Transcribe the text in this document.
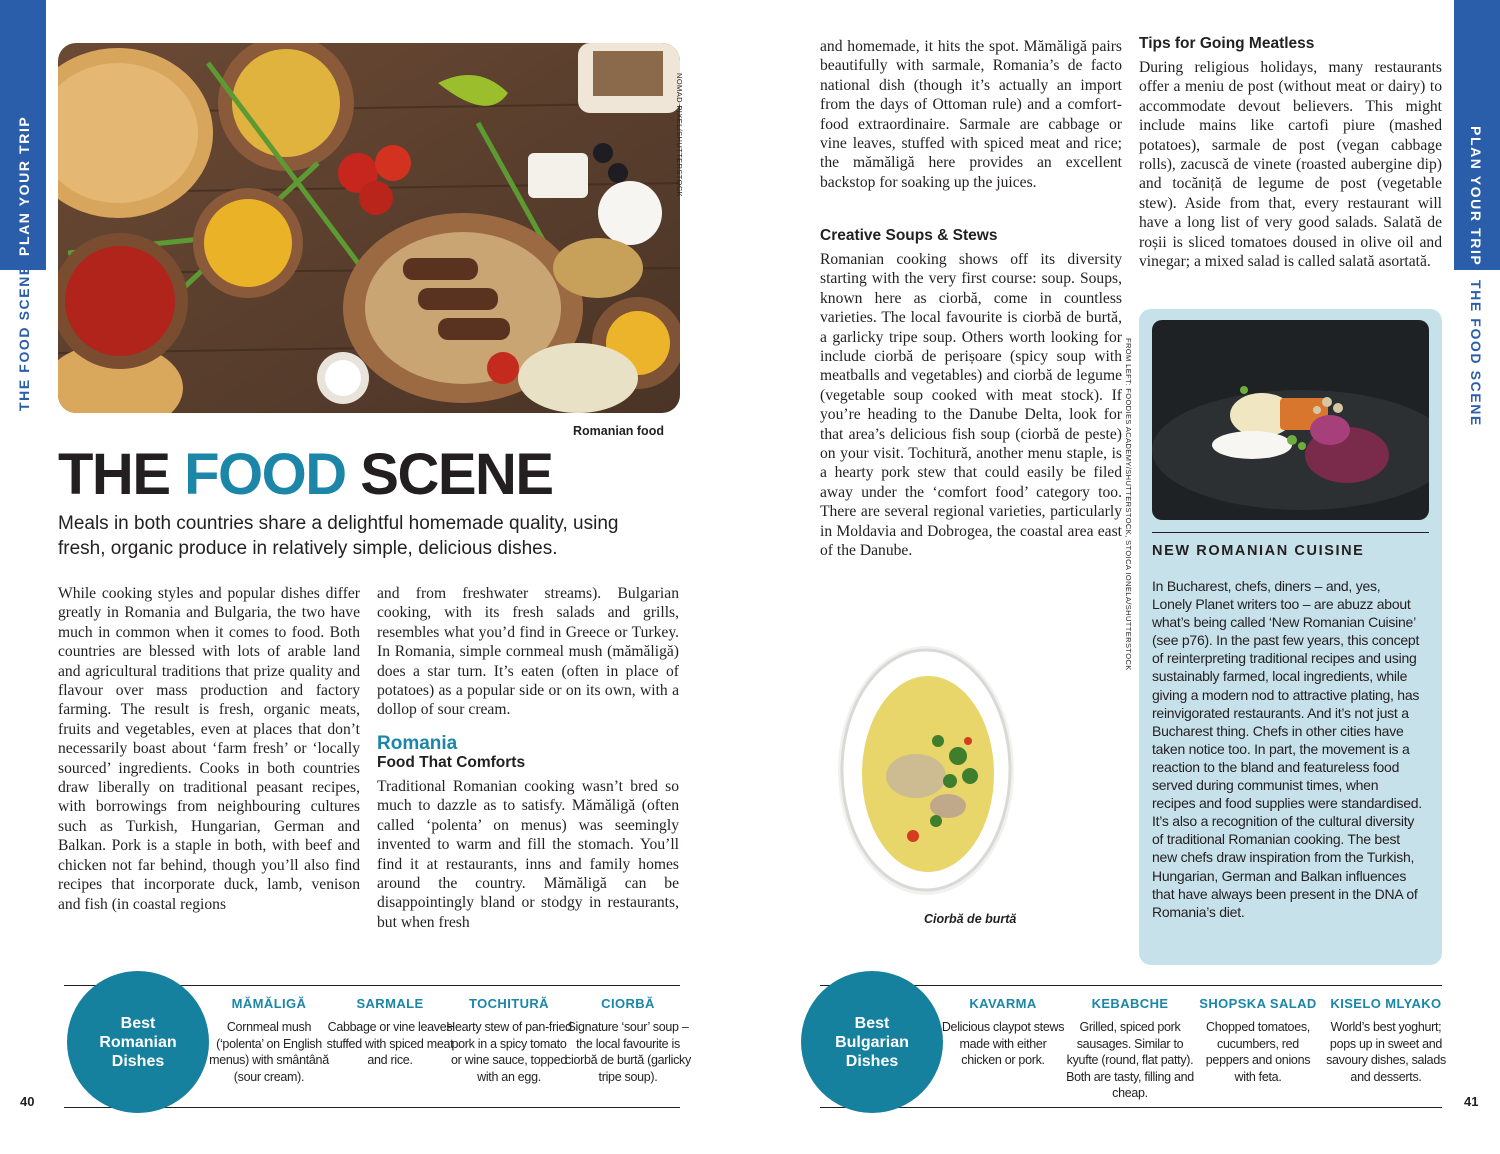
PLAN YOUR TRIP
THE FOOD SCENE
NOMAD PIXEL/SHUTTERSTOCK
Romanian food
THE FOOD SCENE
Meals in both countries share a delightful homemade quality, using fresh, organic produce in relatively simple, delicious dishes.
While cooking styles and popular dishes differ greatly in Romania and Bulgaria, the two have much in common when it comes to food. Both countries are blessed with lots of arable land and agricultural traditions that prize quality and flavour over mass production and factory farming. The result is fresh, organic meats, fruits and vegetables, even at places that don’t necessarily boast about ‘farm fresh’ or ‘locally sourced’ ingredients. Cooks in both countries draw liberally on traditional peasant recipes, with borrowings from neighbouring cultures such as Turkish, Hungarian, German and Balkan. Pork is a staple in both, with beef and chicken not far behind, though you’ll also find recipes that incorporate duck, lamb, venison and fish (in coastal regions
and from freshwater streams). Bulgarian cooking, with its fresh salads and grills, resembles what you’d find in Greece or Turkey. In Romania, simple cornmeal mush (mămăligă) does a star turn. It’s eaten (often in place of potatoes) as a popular side or on its own, with a dollop of sour cream.
Romania
Food That Comforts
Traditional Romanian cooking wasn’t bred so much to dazzle as to satisfy. Mămăligă (often called ‘polenta’ on menus) was seemingly invented to warm and fill the stomach. You’ll find it at restaurants, inns and family homes around the country. Mămăligă can be disappointingly bland or stodgy in restaurants, but when fresh
Best Romanian Dishes
MĂMĂLIGĂ
Cornmeal mush (‘polenta’ on English menus) with smântână (sour cream).
SARMALE
Cabbage or vine leaves stuffed with spiced meat and rice.
TOCHITURĂ
Hearty stew of pan-fried pork in a spicy tomato or wine sauce, topped with an egg.
CIORBĂ
Signature ‘sour’ soup – the local favourite is ciorbă de burtă (garlicky tripe soup).
40
and homemade, it hits the spot. Mămăligă pairs beautifully with sarmale, Romania’s de facto national dish (though it’s actually an import from the days of Ottoman rule) and a comfort-food extraordinaire. Sarmale are cabbage or vine leaves, stuffed with spiced meat and rice; the mămăligă here provides an excellent backstop for soaking up the juices.
Creative Soups & Stews
Romanian cooking shows off its diversity starting with the very first course: soup. Soups, known here as ciorbă, come in countless varieties. The local favourite is ciorbă de burtă, a garlicky tripe soup. Others worth looking for include ciorbă de perișoare (spicy soup with meatballs and vegetables) and ciorbă de legume (vegetable soup cooked with meat stock). If you’re heading to the Danube Delta, look for that area’s delicious fish soup (ciorbă de peste) on your visit. Tochitură, another menu staple, is a hearty pork stew that could easily be filed away under the ‘comfort food’ category too. There are several regional varieties, particularly in Moldavia and Dobrogea, the coastal area east of the Danube.	FROM LEFT: FOODIES ACADEMY/SHUTTERSTOCK, STOICA IONELA/SHUTTERSTOCK
Ciorbă de burtă
Tips for Going Meatless
During religious holidays, many restaurants offer a meniu de post (without meat or dairy) to accommodate devout believers. This might include mains like cartofi piure (mashed potatoes), sarmale de post (vegan cabbage rolls), zacuscă de vinete (roasted aubergine dip) and tocăniță de legume de post (vegetable stew). Aside from that, every restaurant will have a long list of very good salads. Salată de roșii is sliced tomatoes doused in olive oil and vinegar; a mixed salad is called salată asortată.
NEW ROMANIAN CUISINE
In Bucharest, chefs, diners – and, yes, Lonely Planet writers too – are abuzz about what’s being called ‘New Romanian Cuisine’ (see p76). In the past few years, this concept of reinterpreting traditional recipes and using sustainably farmed, local ingredients, while giving a modern nod to attractive plating, has reinvigorated restaurants. And it’s not just a Bucharest thing. Chefs in other cities have taken notice too. In part, the movement is a reaction to the bland and featureless food served during communist times, when recipes and food supplies were standardised. It’s also a recognition of the cultural diversity of traditional Romanian cooking. The best new chefs draw inspiration from the Turkish, Hungarian, German and Balkan influences that have always been present in the DNA of Romania’s diet.
PLAN YOUR TRIP
THE FOOD SCENE
Best Bulgarian Dishes
KAVARMA
Delicious claypot stews made with either chicken or pork.
KEBABCHE
Grilled, spiced pork sausages. Similar to kyufte (round, flat patty). Both are tasty, filling and cheap.
SHOPSKA SALAD
Chopped tomatoes, cucumbers, red peppers and onions with feta.
KISELO MLYAKO
World’s best yoghurt; pops up in sweet and savoury dishes, salads and desserts.
41
